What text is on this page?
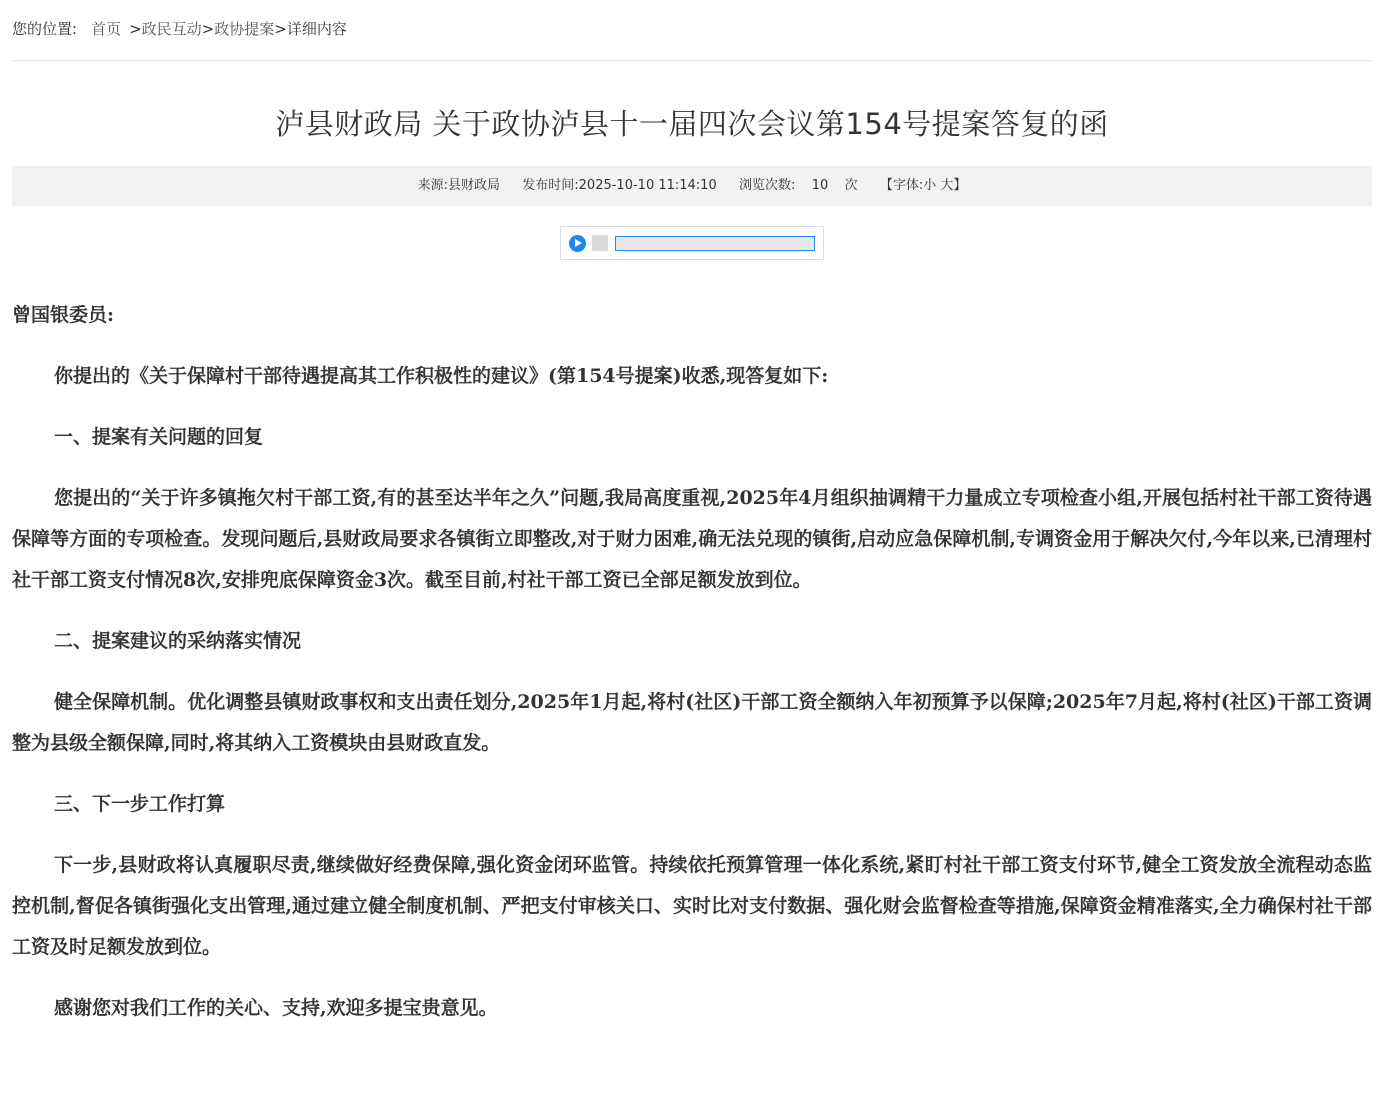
您的位置: 首页 >政民互动>政协提案>详细内容
泸县财政局 关于政协泸县十一届四次会议第154号提案答复的函
来源:县财政局 发布时间:2025-10-10 11:14:10 浏览次数: 10 次 【字体:小 大】

曾国银委员:

你提出的《关于保障村干部待遇提高其工作积极性的建议》(第154号提案)收悉,现答复如下:

一、提案有关问题的回复

您提出的“关于许多镇拖欠村干部工资,有的甚至达半年之久”问题,我局高度重视,2025年4月组织抽调精干力量成立专项检查小组,开展包括村社干部工资待遇保障等方面的专项检查。发现问题后,县财政局要求各镇街立即整改,对于财力困难,确无法兑现的镇街,启动应急保障机制,专调资金用于解决欠付,今年以来,已清理村社干部工资支付情况8次,安排兜底保障资金3次。截至目前,村社干部工资已全部足额发放到位。

二、提案建议的采纳落实情况

健全保障机制。优化调整县镇财政事权和支出责任划分,2025年1月起,将村(社区)干部工资全额纳入年初预算予以保障;2025年7月起,将村(社区)干部工资调整为县级全额保障,同时,将其纳入工资模块由县财政直发。

三、下一步工作打算

下一步,县财政将认真履职尽责,继续做好经费保障,强化资金闭环监管。持续依托预算管理一体化系统,紧盯村社干部工资支付环节,健全工资发放全流程动态监控机制,督促各镇街强化支出管理,通过建立健全制度机制、严把支付审核关口、实时比对支付数据、强化财会监督检查等措施,保障资金精准落实,全力确保村社干部工资及时足额发放到位。

感谢您对我们工作的关心、支持,欢迎多提宝贵意见。
